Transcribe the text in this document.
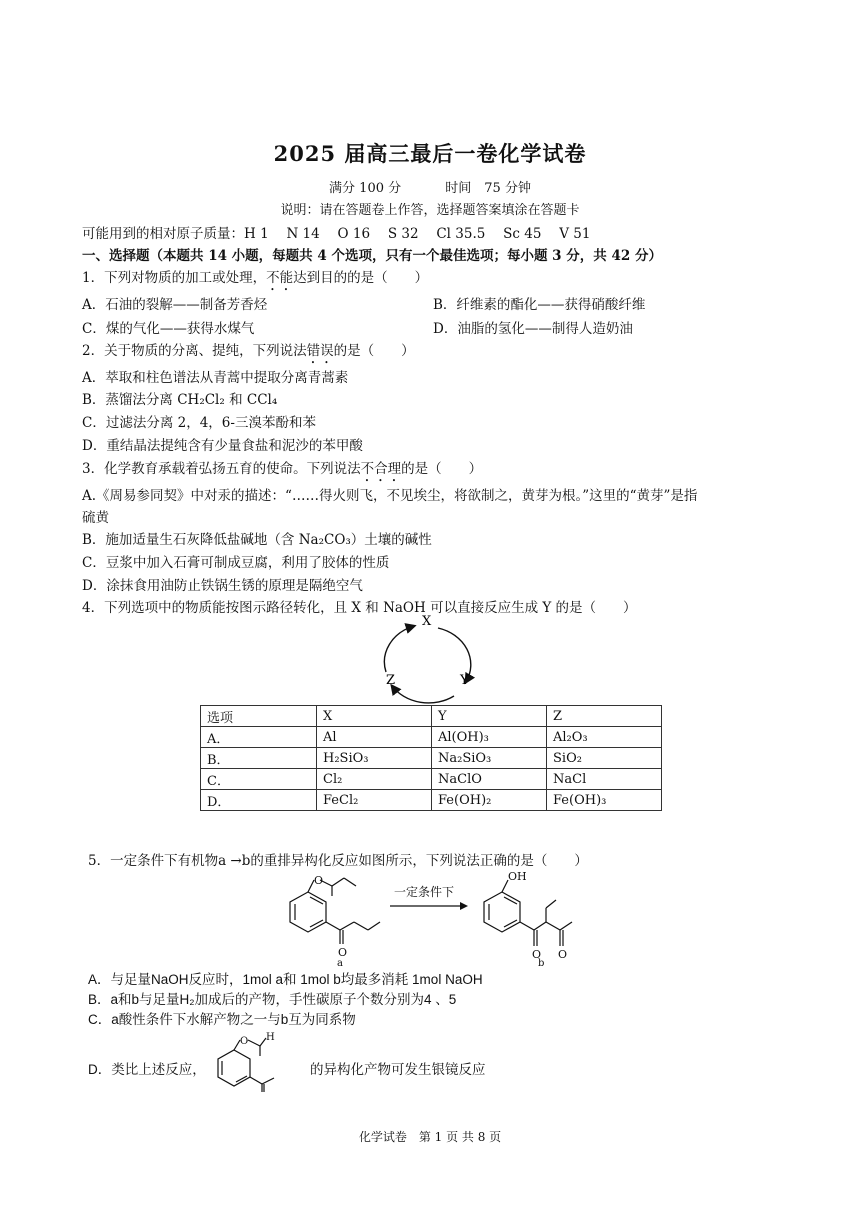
2025 届高三最后一卷化学试卷
满分 100 分	时间　75 分钟
说明：请在答题卷上作答，选择题答案填涂在答题卡
可能用到的相对原子质量：H 1　 N 14　 O 16　 S 32　 Cl 35.5　 Sc 45　 V 51
一、选择题（本题共 14 小题，每题共 4 个选项，只有一个最佳选项；每小题 3 分，共 42 分）
1．下列对物质的加工或处理，不能达到目的的是（　　）
A．石油的裂解——制备芳香烃	B．纤维素的酯化——获得硝酸纤维
C．煤的气化——获得水煤气	D．油脂的氢化——制得人造奶油
2．关于物质的分离、提纯，下列说法错误的是（　　）
A．萃取和柱色谱法从青蒿中提取分离青蒿素
B．蒸馏法分离 CH₂Cl₂ 和 CCl₄
C．过滤法分离 2，4，6-三溴苯酚和苯
D．重结晶法提纯含有少量食盐和泥沙的苯甲酸
3．化学教育承载着弘扬五育的使命。下列说法不合理的是（　　）
A.《周易参同契》中对汞的描述：“……得火则飞，不见埃尘，将欲制之，黄芽为根。”这里的“黄芽”是指
硫黄
B．施加适量生石灰降低盐碱地（含 Na₂CO₃）土壤的碱性
C．豆浆中加入石膏可制成豆腐，利用了胶体的性质
D．涂抹食用油防止铁锅生锈的原理是隔绝空气
4．下列选项中的物质能按图示路径转化，且 X 和 NaOH 可以直接反应生成 Y 的是（　　）
X
Y
Z
选项	X	Y	Z
A．	Al	Al(OH)₃	Al₂O₃
B．	H₂SiO₃	Na₂SiO₃	SiO₂
C．	Cl₂	NaClO	NaCl
D．	FeCl₂	Fe(OH)₂	Fe(OH)₃
5．一定条件下有机物a →b的重排异构化反应如图所示，下列说法正确的是（　　）
O
O
a
一定条件下
OH
O O
b
A．与足量NaOH反应时，1mol a和 1mol b均最多消耗 1mol NaOH
B．a和b与足量H₂加成后的产物，手性碳原子个数分别为4 、5
C．a酸性条件下水解产物之一与b互为同系物
D．类比上述反应，
O H
的异构化产物可发生银镜反应
化学试卷　第 1 页 共 8 页
